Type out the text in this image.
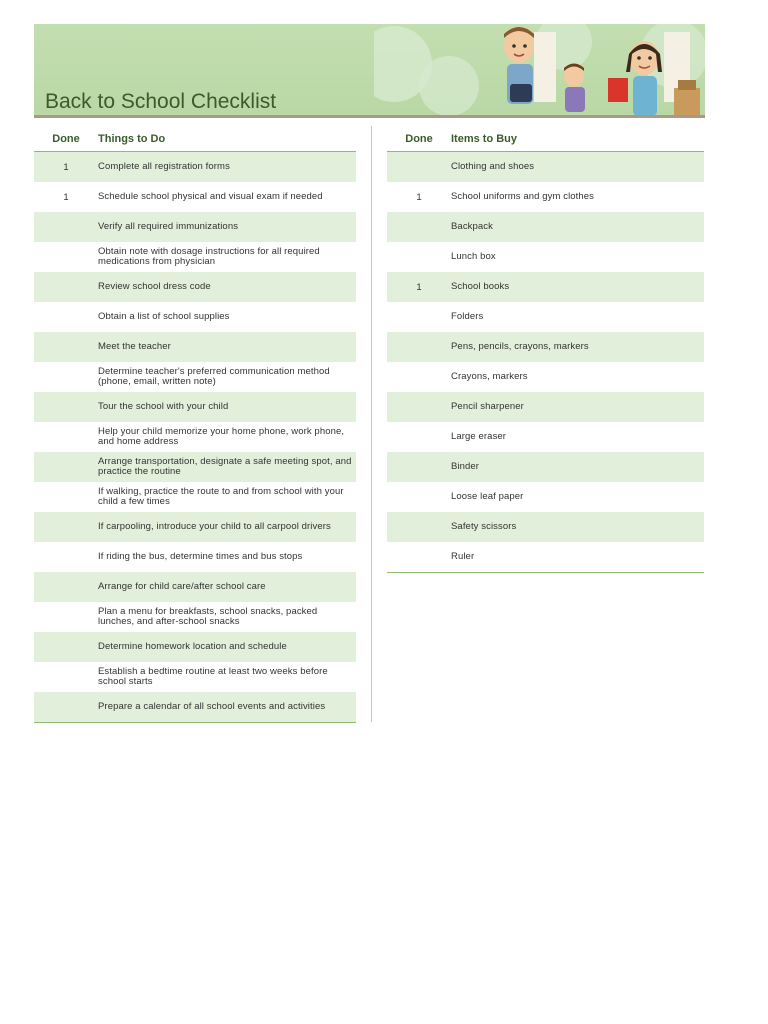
Back to School Checklist
Done	Things to Do
1	Complete all registration forms
1	Schedule school physical and visual exam if needed
Verify all required immunizations
Obtain note with dosage instructions for all required medications from physician
Review school dress code
Obtain a list of school supplies
Meet the teacher
Determine teacher's preferred communication method (phone, email, written note)
Tour the school with your child
Help your child memorize your home phone, work phone, and home address
Arrange transportation, designate a safe meeting spot, and practice the routine
If walking, practice the route to and from school with your child a few times
If carpooling, introduce your child to all carpool drivers
If riding the bus, determine times and bus stops
Arrange for child care/after school care
Plan a menu for breakfasts, school snacks, packed lunches, and after-school snacks
Determine homework location and schedule
Establish a bedtime routine at least two weeks before school starts
Prepare a calendar of all school events and activities
Done	Items to Buy
Clothing and shoes
1	School uniforms and gym clothes
Backpack
Lunch box
1	School books
Folders
Pens, pencils, crayons, markers
Crayons, markers
Pencil sharpener
Large eraser
Binder
Loose leaf paper
Safety scissors
Ruler
